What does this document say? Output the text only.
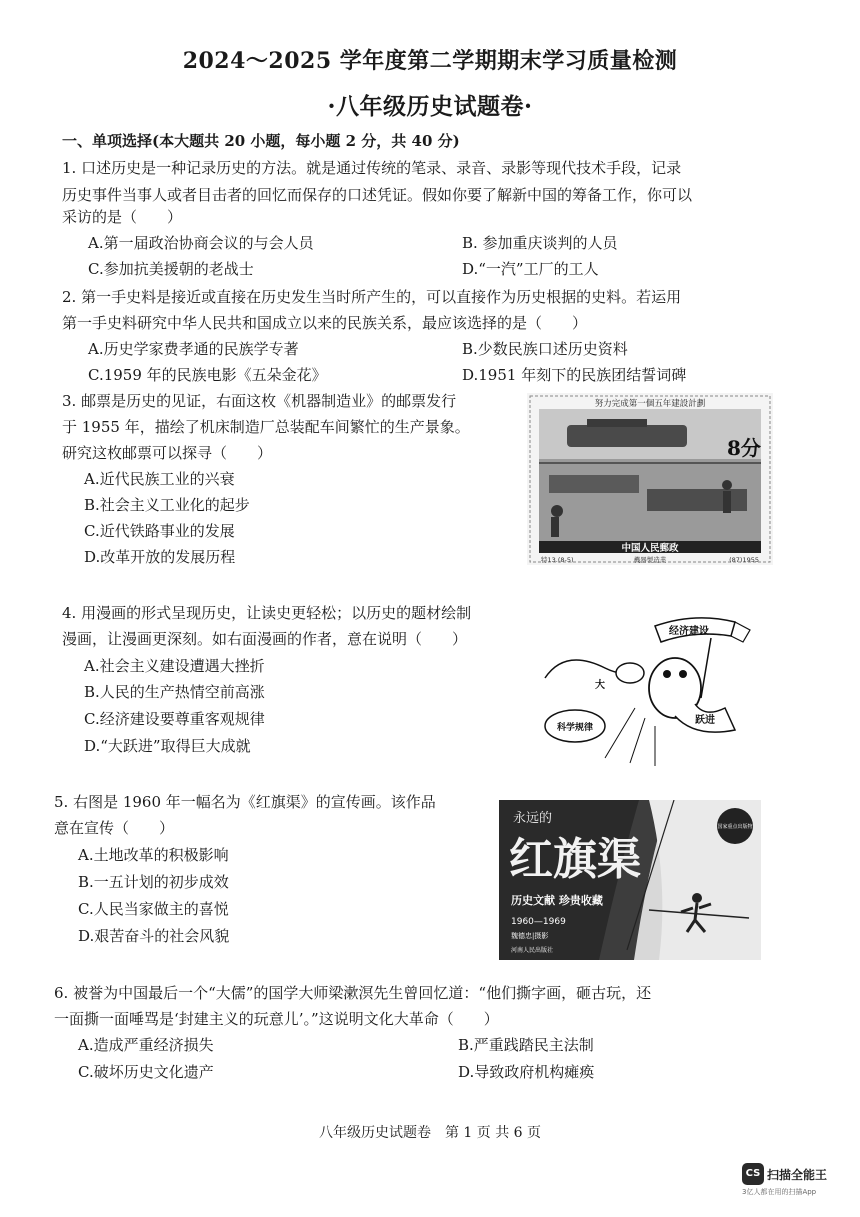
2024～2025 学年度第二学期期末学习质量检测
·八年级历史试题卷·
一、单项选择(本大题共 20 小题，每小题 2 分，共 40 分)
1. 口述历史是一种记录历史的方法。就是通过传统的笔录、录音、录影等现代技术手段，记录
历史事件当事人或者目击者的回忆而保存的口述凭证。假如你要了解新中国的筹备工作，你可以
采访的是（　　）
A.第一届政治协商会议的与会人员	B. 参加重庆谈判的人员
C.参加抗美援朝的老战士	D.“一汽”工厂的工人
2. 第一手史料是接近或直接在历史发生当时所产生的，可以直接作为历史根据的史料。若运用
第一手史料研究中华人民共和国成立以来的民族关系，最应该选择的是（　　）
A.历史学家费孝通的民族学专著	B.少数民族口述历史资料
C.1959 年的民族电影《五朵金花》	D.1951 年刻下的民族团结誓词碑
3. 邮票是历史的见证，右面这枚《机器制造业》的邮票发行
于 1955 年，描绘了机床制造厂总装配车间繁忙的生产景象。
研究这枚邮票可以探寻（　　）
A.近代民族工业的兴衰
B.社会主义工业化的起步
C.近代铁路事业的发展
D.改革开放的发展历程
努力完成第一個五年建設計劃
8分
中国人民郵政
特13.(8-5)	機器製造業	(87)1955
4. 用漫画的形式呈现历史，让读史更轻松；以历史的题材绘制
漫画，让漫画更深刻。如右面漫画的作者，意在说明（　　）
A.社会主义建设遭遇大挫折
B.人民的生产热情空前高涨
C.经济建设要尊重客观规律
D.“大跃进”取得巨大成就
经济建设
大
跃进
科学规律
5. 右图是 1960 年一幅名为《红旗渠》的宣传画。该作品
意在宣传（　　）
A.土地改革的积极影响
B.一五计划的初步成效
C.人民当家做主的喜悦
D.艰苦奋斗的社会风貌
永远的
红旗渠
历史文献 珍贵收藏
1960—1969
魏德忠|摄影
河南人民出版社
国家重点出版物
6. 被誉为中国最后一个“大儒”的国学大师梁漱溟先生曾回忆道：“他们撕字画，砸古玩，还
一面撕一面唾骂是‘封建主义的玩意儿’。”这说明文化大革命（　　）
A.造成严重经济损失	B.严重践踏民主法制
C.破坏历史文化遗产	D.导致政府机构瘫痪
八年级历史试题卷　第 1 页 共 6 页
CS 扫描全能王
3亿人都在用的扫描App
